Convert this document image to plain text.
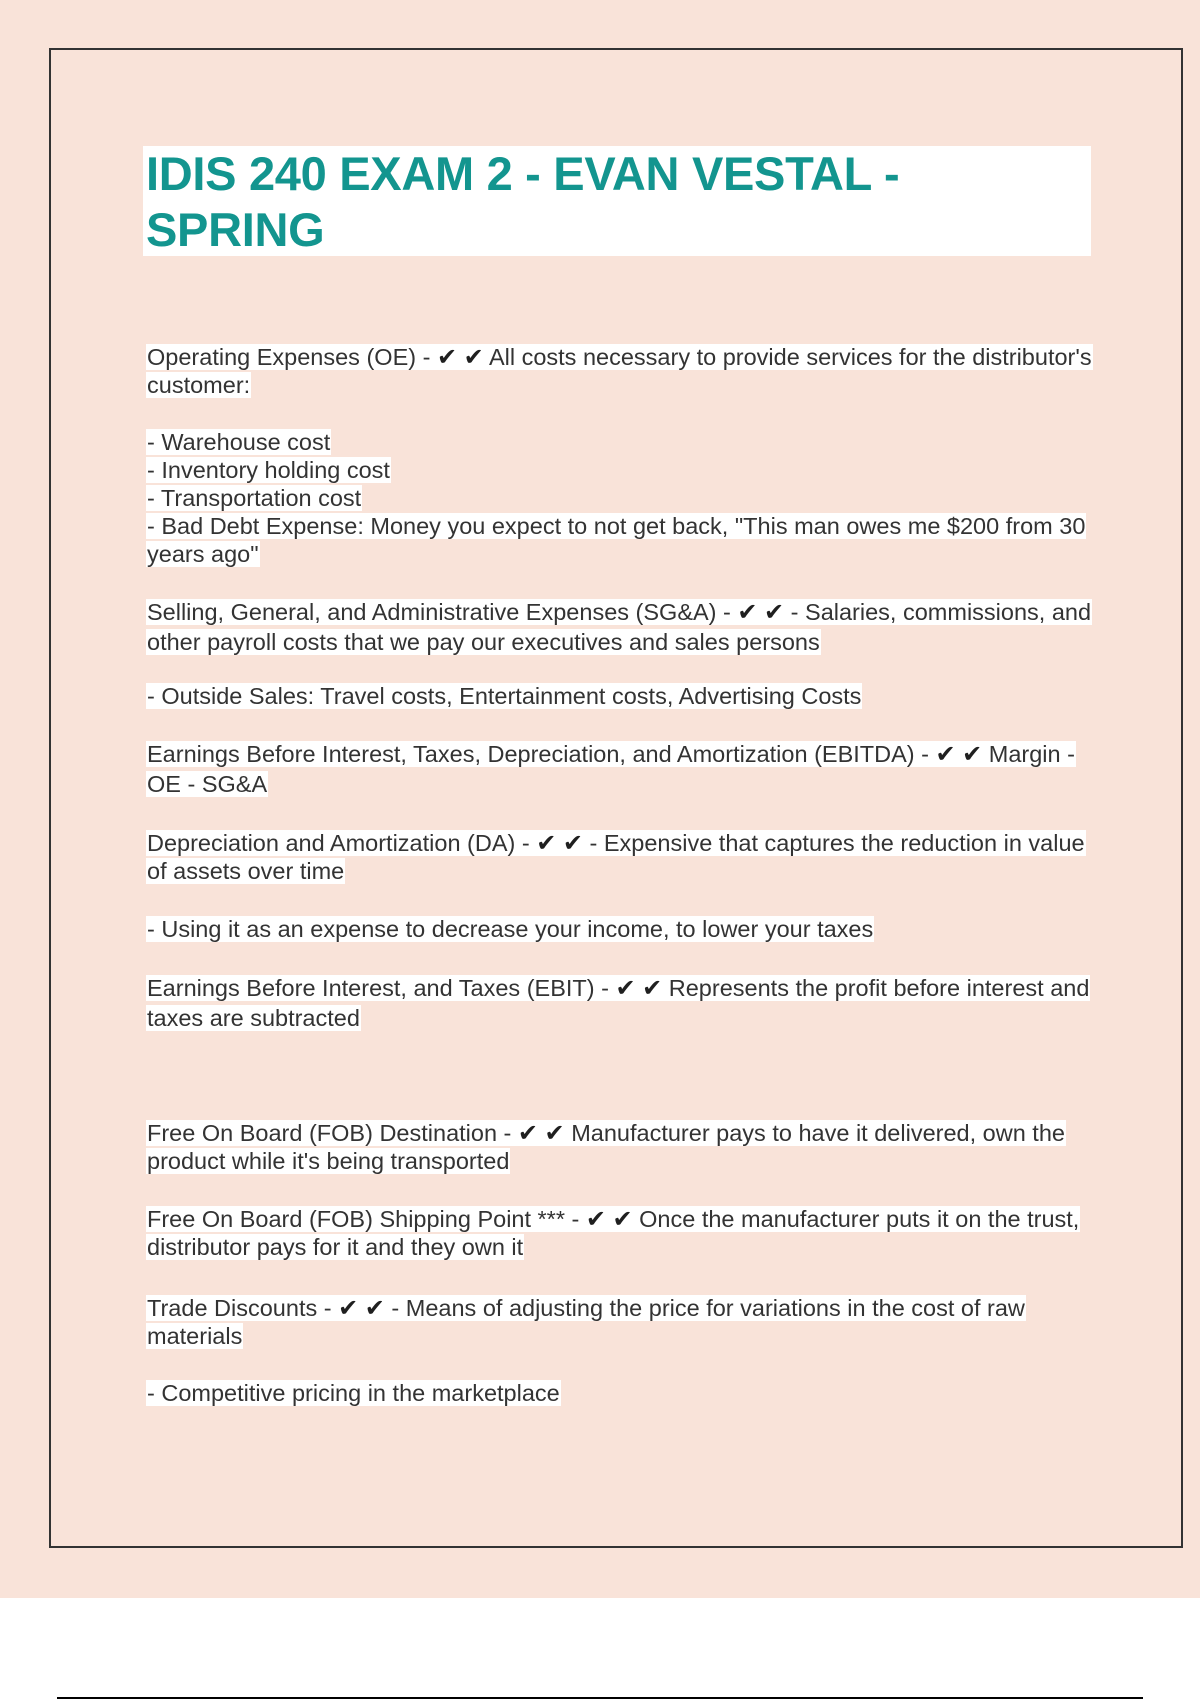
IDIS 240 EXAM 2 - EVAN VESTAL - SPRING

Operating Expenses (OE) - ✔ ✔ All costs necessary to provide services for the distributor's customer:

- Warehouse cost
- Inventory holding cost
- Transportation cost
- Bad Debt Expense: Money you expect to not get back, "This man owes me $200 from 30 years ago"

Selling, General, and Administrative Expenses (SG&A) - ✔ ✔ - Salaries, commissions, and other payroll costs that we pay our executives and sales persons

- Outside Sales: Travel costs, Entertainment costs, Advertising Costs

Earnings Before Interest, Taxes, Depreciation, and Amortization (EBITDA) - ✔ ✔ Margin - OE - SG&A

Depreciation and Amortization (DA) - ✔ ✔ - Expensive that captures the reduction in value of assets over time

- Using it as an expense to decrease your income, to lower your taxes

Earnings Before Interest, and Taxes (EBIT) - ✔ ✔ Represents the profit before interest and taxes are subtracted

Free On Board (FOB) Destination - ✔ ✔ Manufacturer pays to have it delivered, own the product while it's being transported

Free On Board (FOB) Shipping Point *** - ✔ ✔ Once the manufacturer puts it on the trust, distributor pays for it and they own it

Trade Discounts - ✔ ✔ - Means of adjusting the price for variations in the cost of raw materials

- Competitive pricing in the marketplace
